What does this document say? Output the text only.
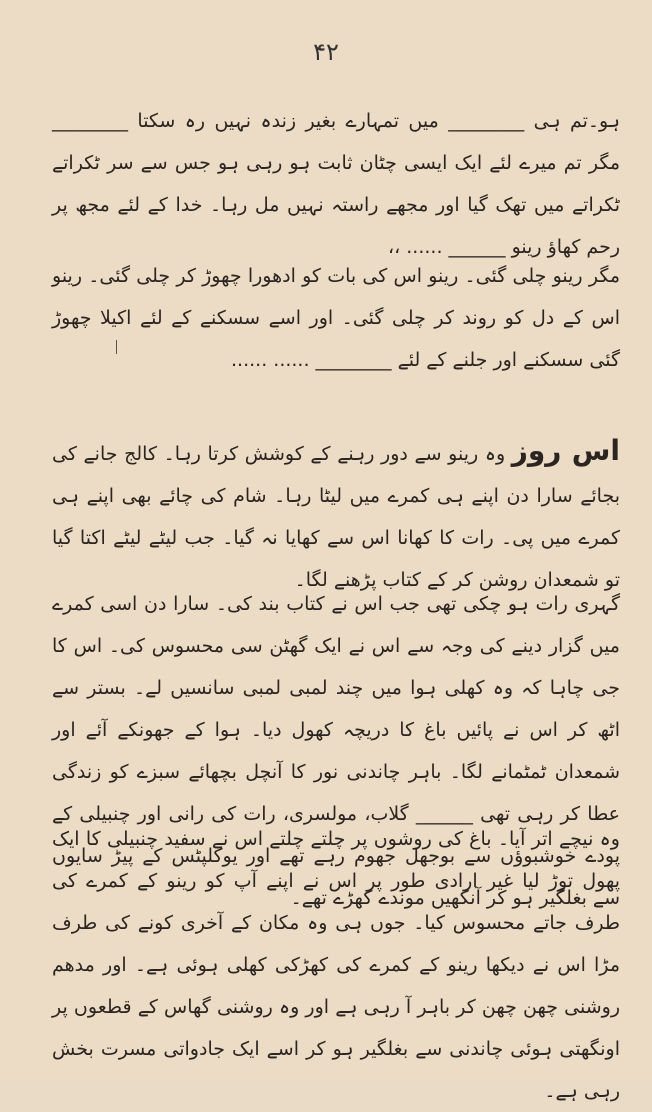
۴۲

ہو۔تم ہی ________ میں تمہارے بغیر زندہ نہیں رہ سکتا ________ مگر تم میرے لئے ایک ایسی چٹان ثابت ہو رہی ہو جس سے سر ٹکراتے ٹکراتے میں تھک گیا اور مجھے راستہ نہیں مل رہا۔ خدا کے لئے مجھ پر رحم کھاؤ رینو ______ ...... ،،

مگر رینو چلی گئی۔ رینو اس کی بات کو ادھورا چھوڑ کر چلی گئی۔ رینو اس کے دل کو روند کر چلی گئی۔ اور اسے سسکنے کے لئے اکیلا چھوڑ گئی سسکنے اور جلنے کے لئے ________ ...... ......

اس روز وہ رینو سے دور رہنے کے کوشش کرتا رہا۔ کالج جانے کی بجائے سارا دن اپنے ہی کمرے میں لیٹا رہا۔ شام کی چائے بھی اپنے ہی کمرے میں پی۔ رات کا کھانا اس سے کھایا نہ گیا۔ جب لیٹے لیٹے اکتا گیا تو شمعدان روشن کر کے کتاب پڑھنے لگا۔

گہری رات ہو چکی تھی جب اس نے کتاب بند کی۔ سارا دن اسی کمرے میں گزار دینے کی وجہ سے اس نے ایک گھٹن سی محسوس کی۔ اس کا جی چاہا کہ وہ کھلی ہوا میں چند لمبی لمبی سانسیں لے۔ بستر سے اٹھ کر اس نے پائیں باغ کا دریچہ کھول دیا۔ ہوا کے جھونکے آئے اور شمعدان ٹمٹمانے لگا۔ باہر چاندنی نور کا آنچل بچھائے سبزے کو زندگی عطا کر رہی تھی ______ گلاب، مولسری، رات کی رانی اور چنبیلی کے پودے خوشبوؤں سے بوجھل جھوم رہے تھے اور یوکلپٹس کے پیڑ سایوں سے بغلگیر ہو کر آنکھیں موندے کھڑے تھے۔

وہ نیچے اتر آیا۔ باغ کی روشوں پر چلتے چلتے اس نے سفید چنبیلی کا ایک پھول توڑ لیا غیر ارادی طور پر اس نے اپنے آپ کو رینو کے کمرے کی طرف جاتے محسوس کیا۔ جوں ہی وہ مکان کے آخری کونے کی طرف مڑا اس نے دیکھا رینو کے کمرے کی کھڑکی کھلی ہوئی ہے۔ اور مدھم روشنی چھن چھن کر باہر آ رہی ہے اور وہ روشنی گھاس کے قطعوں پر اونگھتی ہوئی چاندنی سے بغلگیر ہو کر اسے ایک جادواتی مسرت بخش رہی ہے۔
